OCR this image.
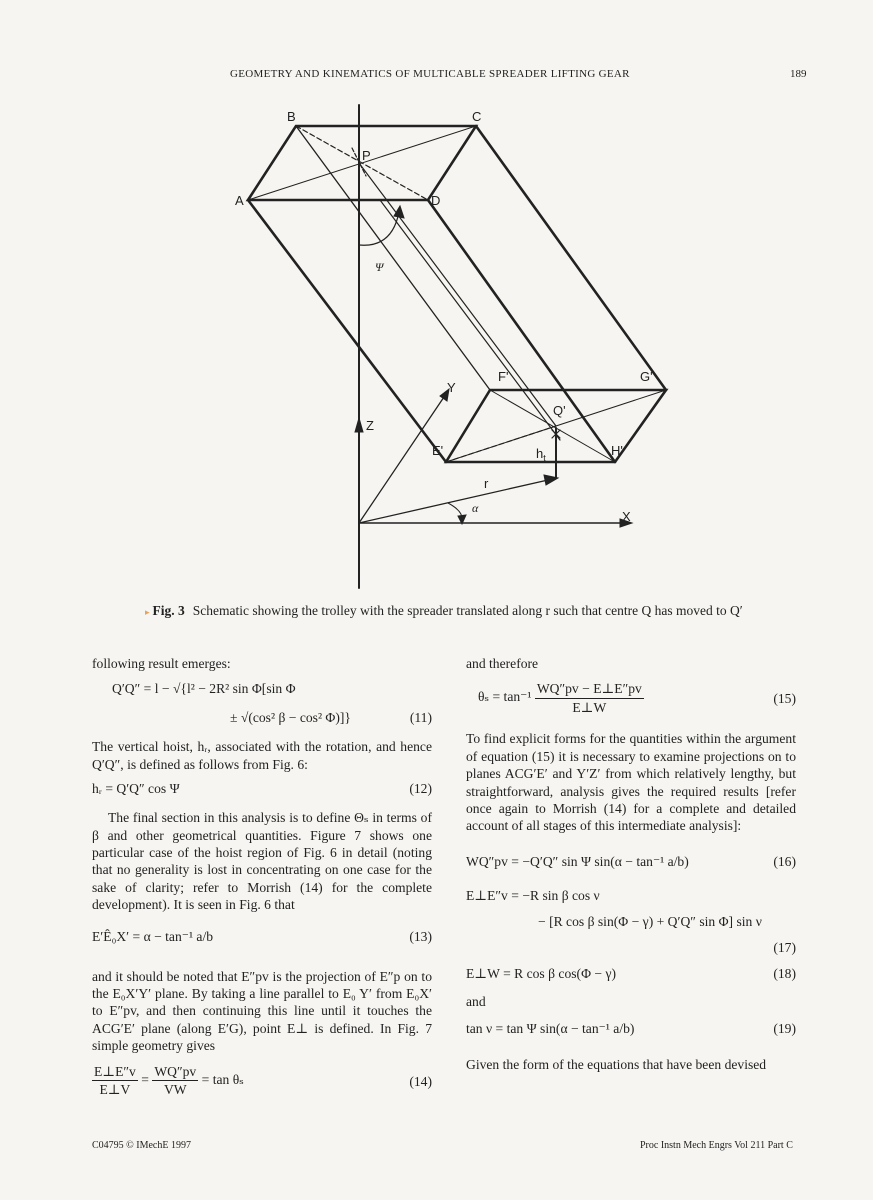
GEOMETRY AND KINEMATICS OF MULTICABLE SPREADER LIFTING GEAR	189
B	C
P
A	D
Ψ
F'	G'
Y
Q'
Z
E'	H'
$h_t$
r
X
α
▸ Fig. 3 Schematic showing the trolley with the spreader translated along r such that centre Q has moved to Q′

following result emerges:

Q′Q″ = l − √{l² − 2R² sin Φ[sin Φ
± √(cos² β − cos² Φ)]}	(11)

The vertical hoist, hᵣ, associated with the rotation, and hence Q′Q″, is defined as follows from Fig. 6:

hᵣ = Q′Q″ cos Ψ	(12)

The final section in this analysis is to define Θₛ in terms of β and other geometrical quantities. Figure 7 shows one particular case of the hoist region of Fig. 6 in detail (noting that no generality is lost in concentrating on one case for the sake of clarity; refer to Morrish (14) for the complete development). It is seen in Fig. 6 that

E′Ê₀X′ = α − tan⁻¹ a/b	(13)

and it should be noted that E″pv is the projection of E″p on to the E₀X′Y′ plane. By taking a line parallel to E₀ Y′ from E₀X′ to E″pv, and then continuing this line until it touches the ACG′E′ plane (along E′G), point E⊥ is defined. In Fig. 7 simple geometry gives

$\frac{E\perp E''v}{E\perp V} = \frac{WQ''pv}{VW} = \tan \theta_s$	(14)

and therefore

$\theta_s = \tan^{-1} \frac{WQ''pv - E\perp E''pv}{E\perp W}$	(15)

To find explicit forms for the quantities within the argument of equation (15) it is necessary to examine projections on to planes ACG′E′ and Y′Z′ from which relatively lengthy, but straightforward, analysis gives the required results [refer once again to Morrish (14) for a complete and detailed account of all stages of this intermediate analysis]:

WQ″pv = −Q′Q″ sin Ψ sin(α − tan⁻¹ a/b)	(16)
E⊥E″v = −R sin β cos ν
− [R cos β sin(Φ − γ) + Q′Q″ sin Φ] sin ν
(17)
E⊥W = R cos β cos(Φ − γ)	(18)

and

tan ν = tan Ψ sin(α − tan⁻¹ a/b)	(19)

Given the form of the equations that have been devised

C04795 © IMechE 1997	Proc Instn Mech Engrs Vol 211 Part C
